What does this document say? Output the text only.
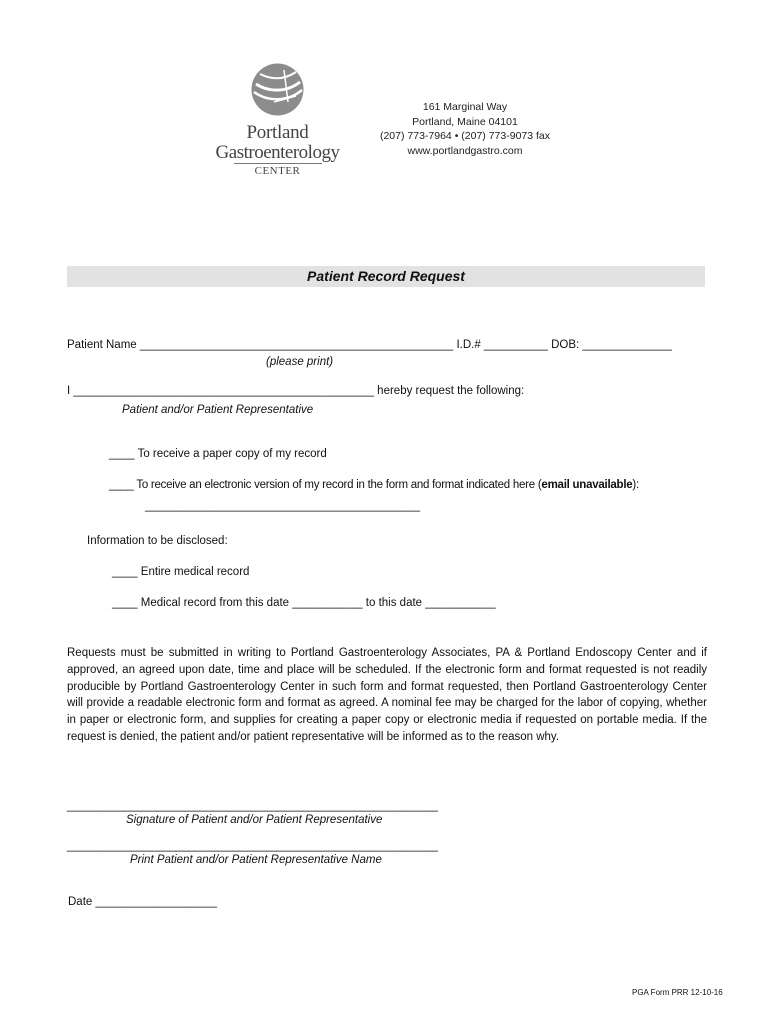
Portland
Gastroenterology
CENTER
161 Marginal Way
Portland, Maine 04101
(207) 773-7964 • (207) 773-9073 fax
www.portlandgastro.com
Patient Record Request
Patient Name _________________________________________________ I.D.# __________ DOB: ______________
(please print)
I _______________________________________________ hereby request the following:
Patient and/or Patient Representative
____ To receive a paper copy of my record
____ To receive an electronic version of my record in the form and format indicated here (email unavailable):
___________________________________________
Information to be disclosed:
____ Entire medical record
____ Medical record from this date ___________ to this date ___________

Requests must be submitted in writing to Portland Gastroenterology Associates, PA & Portland Endoscopy Center and if approved, an agreed upon date, time and place will be scheduled. If the electronic form and format requested is not readily producible by Portland Gastroenterology Center in such form and format requested, then Portland Gastroenterology Center will provide a readable electronic form and format as agreed. A nominal fee may be charged for the labor of copying, whether in paper or electronic form, and supplies for creating a paper copy or electronic media if requested on portable media. If the request is denied, the patient and/or patient representative will be informed as to the reason why.

__________________________________________________________
Signature of Patient and/or Patient Representative
__________________________________________________________
Print Patient and/or Patient Representative Name
Date ___________________
PGA Form PRR 12-10-16
